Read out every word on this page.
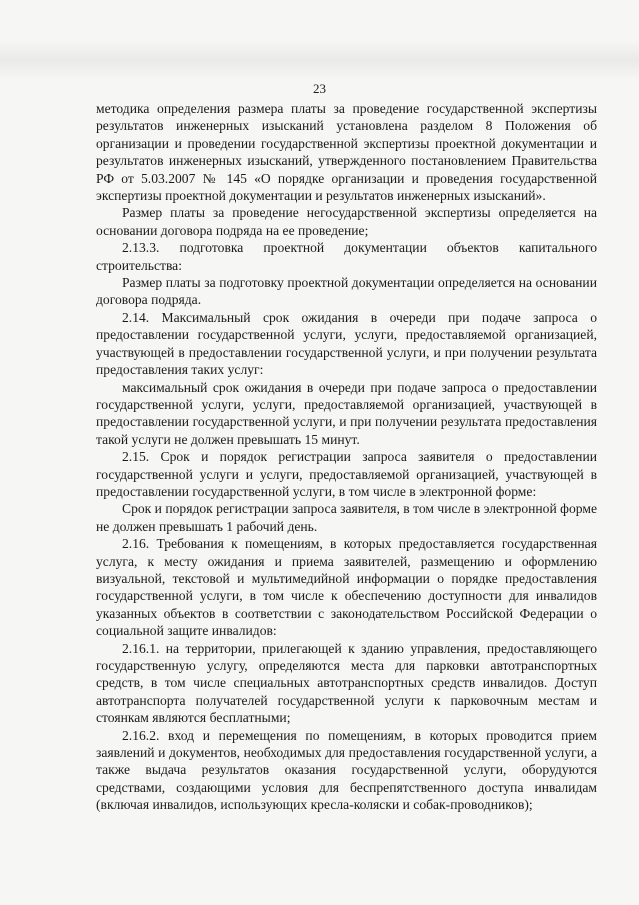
23

методика определения размера платы за проведение государственной экспертизы результатов инженерных изысканий установлена разделом 8 Положения об организации и проведении государственной экспертизы проектной документации и результатов инженерных изысканий, утвержденного постановлением Правительства РФ от 5.03.2007 № 145 «О порядке организации и проведения государственной экспертизы проектной документации и результатов инженерных изысканий».

Размер платы за проведение негосударственной экспертизы определяется на основании договора подряда на ее проведение;

2.13.3. подготовка проектной документации объектов капитального строительства:

Размер платы за подготовку проектной документации определяется на основании договора подряда.

2.14. Максимальный срок ожидания в очереди при подаче запроса о предоставлении государственной услуги, услуги, предоставляемой организацией, участвующей в предоставлении государственной услуги, и при получении результата предоставления таких услуг:

максимальный срок ожидания в очереди при подаче запроса о предоставлении государственной услуги, услуги, предоставляемой организацией, участвующей в предоставлении государственной услуги, и при получении результата предоставления такой услуги не должен превышать 15 минут.

2.15. Срок и порядок регистрации запроса заявителя о предоставлении государственной услуги и услуги, предоставляемой организацией, участвующей в предоставлении государственной услуги, в том числе в электронной форме:

Срок и порядок регистрации запроса заявителя, в том числе в электронной форме не должен превышать 1 рабочий день.

2.16. Требования к помещениям, в которых предоставляется государственная услуга, к месту ожидания и приема заявителей, размещению и оформлению визуальной, текстовой и мультимедийной информации о порядке предоставления государственной услуги, в том числе к обеспечению доступности для инвалидов указанных объектов в соответствии с законодательством Российской Федерации о социальной защите инвалидов:

2.16.1. на территории, прилегающей к зданию управления, предоставляющего государственную услугу, определяются места для парковки автотранспортных средств, в том числе специальных автотранспортных средств инвалидов. Доступ автотранспорта получателей государственной услуги к парковочным местам и стоянкам являются бесплатными;

2.16.2. вход и перемещения по помещениям, в которых проводится прием заявлений и документов, необходимых для предоставления государственной услуги, а также выдача результатов оказания государственной услуги, оборудуются средствами, создающими условия для беспрепятственного доступа инвалидам (включая инвалидов, использующих кресла-коляски и собак-проводников);
